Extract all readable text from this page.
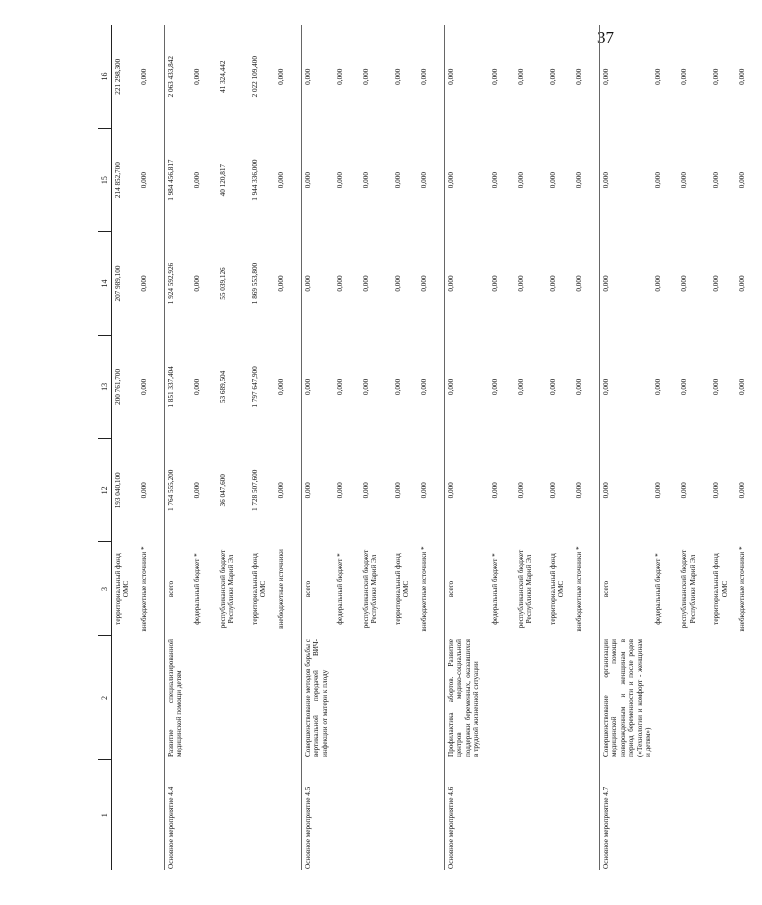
37
1	2	3	12	13	14	15	16
		территориальный фонд ОМС	193 040,100	200 761,700	207 989,100	214 852,700	221 298,300
		внебюджетные источники *	0,000	0,000	0,000	0,000	0,000
Основное мероприятие 4.4	Развитие специализированной медицинской помощи детям	всего	1 764 555,200	1 851 337,404	1 924 592,926	1 984 456,817	2 063 433,842
		федеральный бюджет *	0,000	0,000	0,000	0,000	0,000
		республиканский бюджет Республики Марий Эл	36 047,600	53 689,504	55 039,126	40 120,817	41 324,442
		территориальный фонд ОМС	1 728 507,600	1 797 647,900	1 869 553,800	1 944 336,000	2 022 109,400
		внебюджетные источники	0,000	0,000	0,000	0,000	0,000
Основное мероприятие 4.5	Совершенствование методов борьбы с вертикальной передачей ВИЧ-инфекции от матери к плоду	всего	0,000	0,000	0,000	0,000	0,000
		федеральный бюджет *	0,000	0,000	0,000	0,000	0,000
		республиканский бюджет Республики Марий Эл	0,000	0,000	0,000	0,000	0,000
		территориальный фонд ОМС	0,000	0,000	0,000	0,000	0,000
		внебюджетные источники *	0,000	0,000	0,000	0,000	0,000
Основное мероприятие 4.6	Профилактика абортов. Развитие центров медико-социальной поддержки беременных, оказавшихся в трудной жизненной ситуации	всего	0,000	0,000	0,000	0,000	0,000
		федеральный бюджет *	0,000	0,000	0,000	0,000	0,000
		республиканский бюджет Республики Марий Эл	0,000	0,000	0,000	0,000	0,000
		территориальный фонд ОМС	0,000	0,000	0,000	0,000	0,000
		внебюджетные источники *	0,000	0,000	0,000	0,000	0,000
Основное мероприятие 4.7	Совершенствование организации медицинской помощи новорожденным и женщинам в период беременности и после родов («Технологии и комфорт - женщинам и детям»)	всего	0,000	0,000	0,000	0,000	0,000
		федеральный бюджет *	0,000	0,000	0,000	0,000	0,000
		республиканский бюджет Республики Марий Эл	0,000	0,000	0,000	0,000	0,000
		территориальный фонд ОМС	0,000	0,000	0,000	0,000	0,000
		внебюджетные источники *	0,000	0,000	0,000	0,000	0,000
